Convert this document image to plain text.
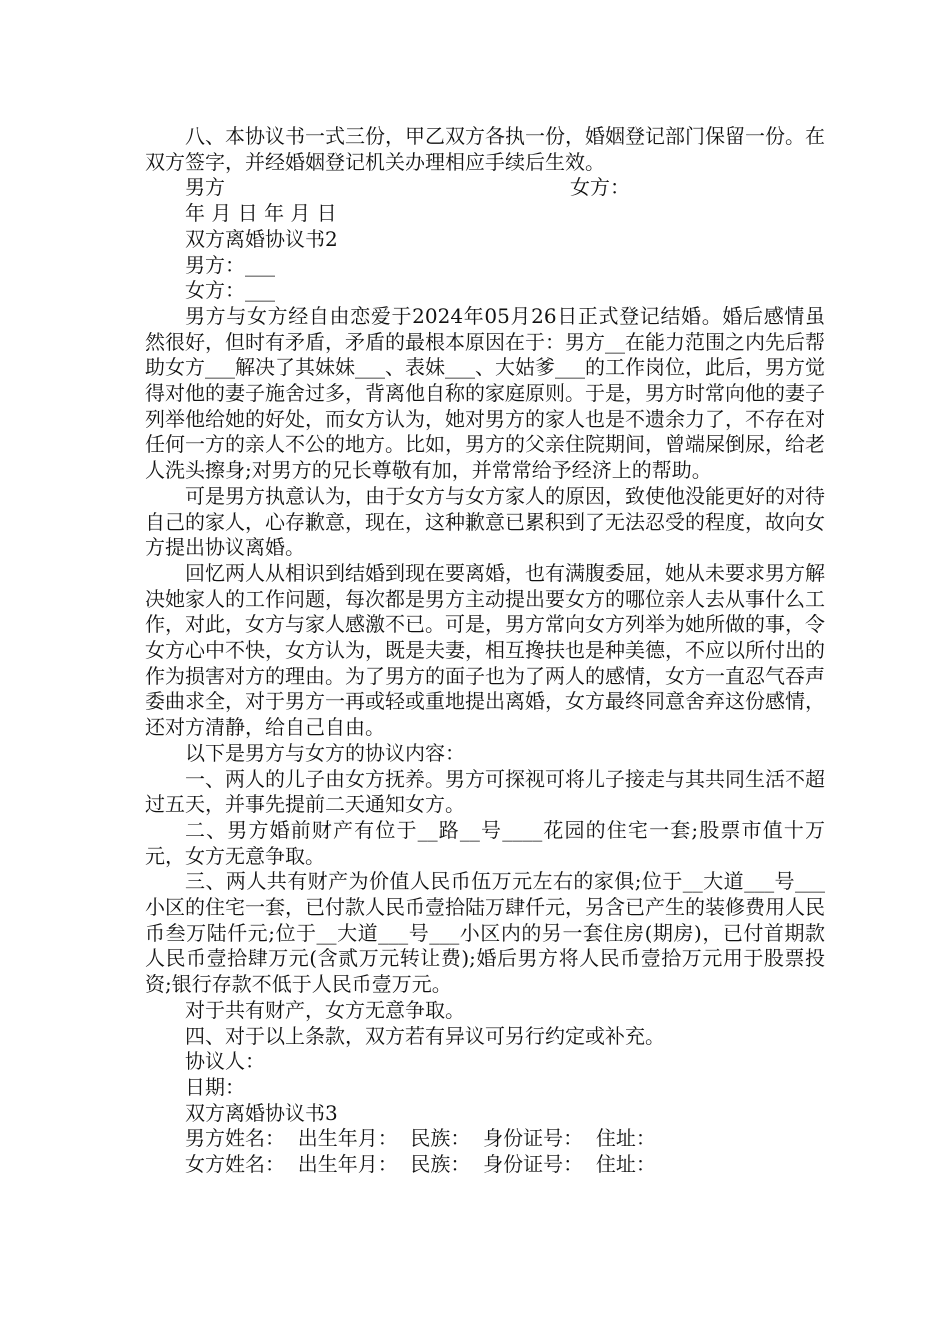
八、本协议书一式三份，甲乙双方各执一份，婚姻登记部门保留一份。在双方签字，并经婚姻登记机关办理相应手续后生效。

男方	女方：

年 月 日 年 月 日

双方离婚协议书2

男方：___

女方：___

男方与女方经自由恋爱于2024年05月26日正式登记结婚。婚后感情虽然很好，但时有矛盾，矛盾的最根本原因在于：男方__在能力范围之内先后帮助女方___解决了其妹妹___、表妹___、大姑爹___的工作岗位，此后，男方觉得对他的妻子施舍过多，背离他自称的家庭原则。于是，男方时常向他的妻子列举他给她的好处，而女方认为，她对男方的家人也是不遗余力了，不存在对任何一方的亲人不公的地方。比如，男方的父亲住院期间，曾端屎倒尿，给老人洗头擦身;对男方的兄长尊敬有加，并常常给予经济上的帮助。

可是男方执意认为，由于女方与女方家人的原因，致使他没能更好的对待自己的家人，心存歉意，现在，这种歉意已累积到了无法忍受的程度，故向女方提出协议离婚。

回忆两人从相识到结婚到现在要离婚，也有满腹委屈，她从未要求男方解决她家人的工作问题，每次都是男方主动提出要女方的哪位亲人去从事什么工作，对此，女方与家人感激不已。可是，男方常向女方列举为她所做的事，令女方心中不快，女方认为，既是夫妻，相互搀扶也是种美德，不应以所付出的作为损害对方的理由。为了男方的面子也为了两人的感情，女方一直忍气吞声委曲求全，对于男方一再或轻或重地提出离婚，女方最终同意舍弃这份感情，还对方清静，给自己自由。

以下是男方与女方的协议内容：

一、两人的儿子由女方抚养。男方可探视可将儿子接走与其共同生活不超过五天，并事先提前二天通知女方。

二、男方婚前财产有位于__路__号____花园的住宅一套;股票市值十万元，女方无意争取。

三、两人共有财产为价值人民币伍万元左右的家俱;位于__大道___号___小区的住宅一套，已付款人民币壹拾陆万肆仟元，另含已产生的装修费用人民币叁万陆仟元;位于__大道___号___小区内的另一套住房(期房)，已付首期款人民币壹拾肆万元(含贰万元转让费);婚后男方将人民币壹拾万元用于股票投资;银行存款不低于人民币壹万元。

对于共有财产，女方无意争取。

四、对于以上条款，双方若有异议可另行约定或补充。

协议人：

日期：

双方离婚协议书3

男方姓名：  出生年月：  民族：  身份证号：  住址：

女方姓名：  出生年月：  民族：  身份证号：  住址：
